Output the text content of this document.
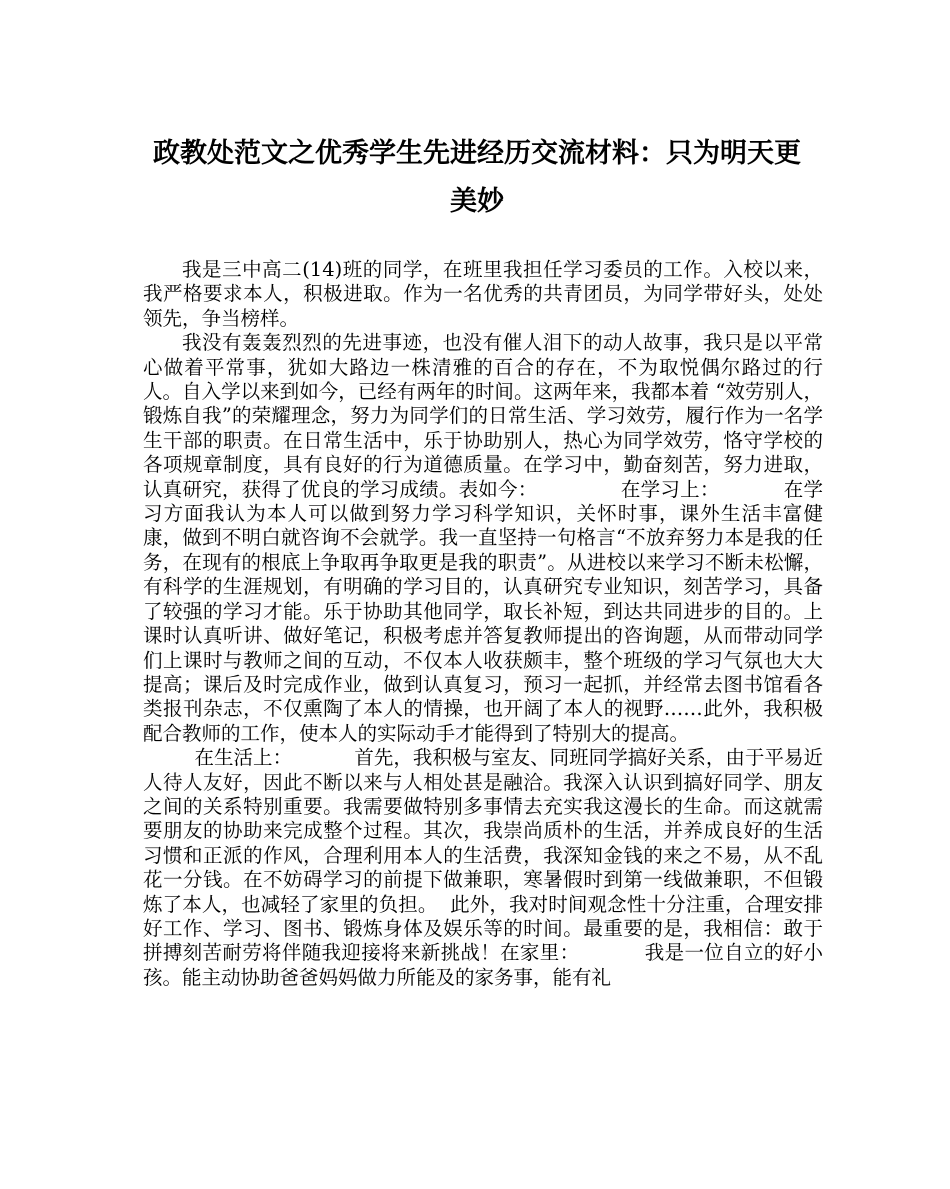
政教处范文之优秀学生先进经历交流材料：只为明天更美妙

我是三中高二(14)班的同学，在班里我担任学习委员的工作。入校以来，我严格要求本人，积极进取。作为一名优秀的共青团员，为同学带好头，处处领先，争当榜样。

我没有轰轰烈烈的先进事迹，也没有催人泪下的动人故事，我只是以平常心做着平常事，犹如大路边一株清雅的百合的存在，不为取悦偶尔路过的行人。自入学以来到如今，已经有两年的时间。这两年来，我都本着 “效劳别人，锻炼自我”的荣耀理念，努力为同学们的日常生活、学习效劳，履行作为一名学生干部的职责。在日常生活中，乐于协助别人，热心为同学效劳，恪守学校的各项规章制度，具有良好的行为道德质量。在学习中，勤奋刻苦，努力进取，认真研究，获得了优良的学习成绩。表如今：             在学习上：          在学习方面我认为本人可以做到努力学习科学知识，关怀时事，课外生活丰富健康，做到不明白就咨询不会就学。我一直坚持一句格言“不放弃努力本是我的任务，在现有的根底上争取再争取更是我的职责”。从进校以来学习不断未松懈，有科学的生涯规划，有明确的学习目的，认真研究专业知识，刻苦学习，具备了较强的学习才能。乐于协助其他同学，取长补短，到达共同进步的目的。上课时认真听讲、做好笔记，积极考虑并答复教师提出的咨询题，从而带动同学们上课时与教师之间的互动，不仅本人收获颇丰，整个班级的学习气氛也大大提高；课后及时完成作业，做到认真复习，预习一起抓，并经常去图书馆看各类报刊杂志，不仅熏陶了本人的情操，也开阔了本人的视野……此外，我积极配合教师的工作，使本人的实际动手才能得到了特别大的提高。

在生活上：          首先，我积极与室友、同班同学搞好关系，由于平易近人待人友好，因此不断以来与人相处甚是融洽。我深入认识到搞好同学、朋友之间的关系特别重要。我需要做特别多事情去充实我这漫长的生命。而这就需要朋友的协助来完成整个过程。其次，我崇尚质朴的生活，并养成良好的生活习惯和正派的作风，合理利用本人的生活费，我深知金钱的来之不易，从不乱花一分钱。在不妨碍学习的前提下做兼职，寒暑假时到第一线做兼职，不但锻炼了本人，也减轻了家里的负担。  此外，我对时间观念性十分注重，合理安排好工作、学习、图书、锻炼身体及娱乐等的时间。最重要的是，我相信：敢于拼搏刻苦耐劳将伴随我迎接将来新挑战！在家里：          我是一位自立的好小孩。能主动协助爸爸妈妈做力所能及的家务事，能有礼
